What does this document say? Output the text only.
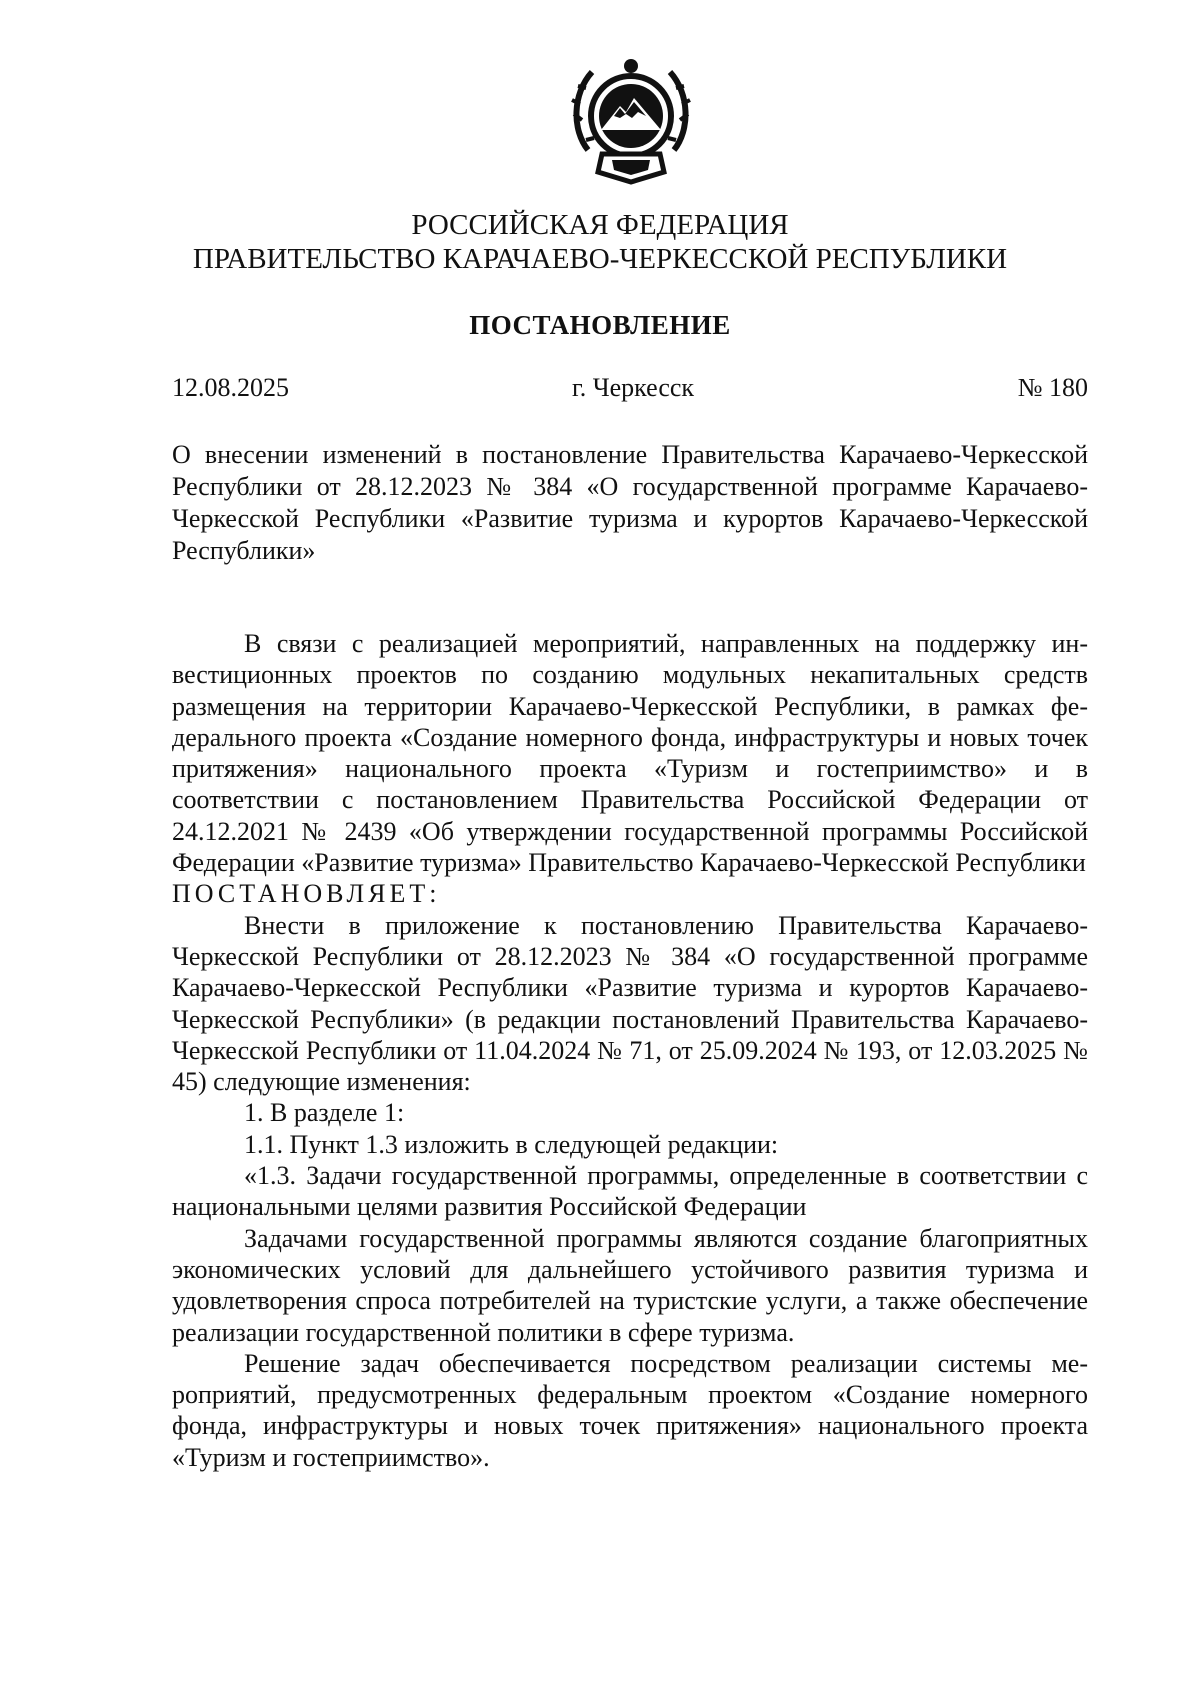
РОССИЙСКАЯ ФЕДЕРАЦИЯ
ПРАВИТЕЛЬСТВО КАРАЧАЕВО-ЧЕРКЕССКОЙ РЕСПУБЛИКИ
ПОСТАНОВЛЕНИЕ
12.08.2025	г. Черкесск	№ 180
О внесении изменений в постановление Правительства Карачаево-Черкесской Республики от 28.12.2023 № 384 «О государственной программе Карачаево-Черкесской Республики «Развитие туризма и курортов Карачаево-Черкесской Республики»

В связи с реализацией мероприятий, направленных на поддержку инвестиционных проектов по созданию модульных некапитальных средств размещения на территории Карачаево-Черкесской Республики, в рамках федерального проекта «Создание номерного фонда, инфраструктуры и новых точек притяжения» национального проекта «Туризм и гостеприимство» и в соответствии с постановлением Правительства Российской Федерации от 24.12.2021 № 2439 «Об утверждении государственной программы Российской Федерации «Развитие туризма» Правительство Карачаево-Черкесской Республики

ПОСТАНОВЛЯЕТ:

Внести в приложение к постановлению Правительства Карачаево-Черкесской Республики от 28.12.2023 № 384 «О государственной программе Карачаево-Черкесской Республики «Развитие туризма и курортов Карачаево-Черкесской Республики» (в редакции постановлений Правительства Карачаево-Черкесской Республики от 11.04.2024 № 71, от 25.09.2024 № 193, от 12.03.2025 № 45) следующие изменения:

1. В разделе 1:

1.1. Пункт 1.3 изложить в следующей редакции:

«1.3. Задачи государственной программы, определенные в соответствии с национальными целями развития Российской Федерации

Задачами государственной программы являются создание благоприятных экономических условий для дальнейшего устойчивого развития туризма и удовлетворения спроса потребителей на туристские услуги, а также обеспечение реализации государственной политики в сфере туризма.

Решение задач обеспечивается посредством реализации системы мероприятий, предусмотренных федеральным проектом «Создание номерного фонда, инфраструктуры и новых точек притяжения» национального проекта «Туризм и гостеприимство».
